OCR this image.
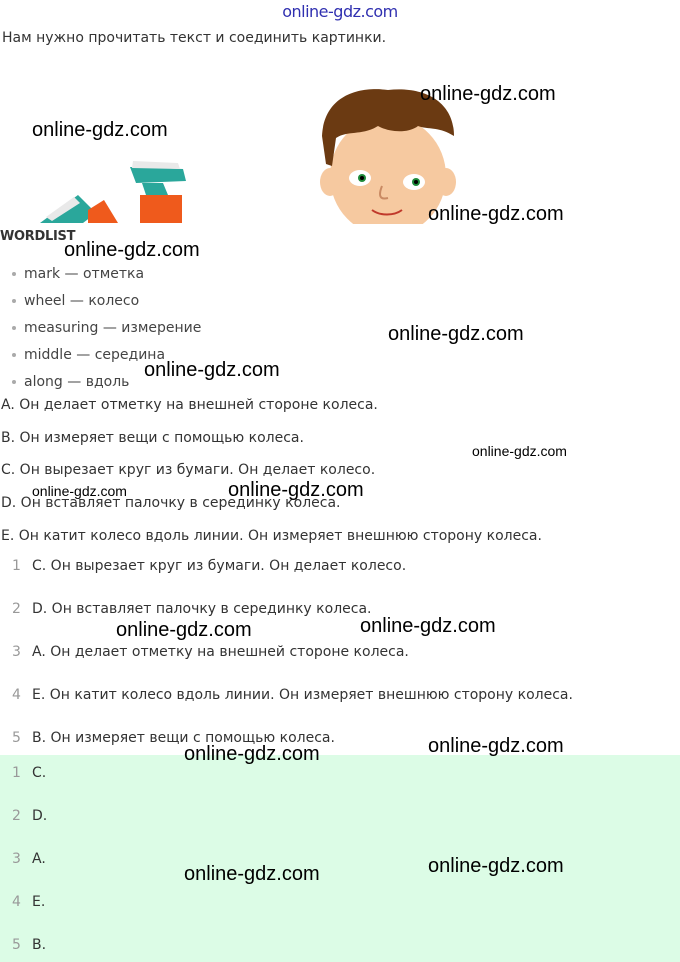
online-gdz.com
Нам нужно прочитать текст и соединить картинки.
WORDLIST
mark — отметка
wheel — колесо
measuring — измерение
middle — середина
along — вдоль
A. Он делает отметку на внешней стороне колеса.
B. Он измеряет вещи с помощью колеса.
C. Он вырезает круг из бумаги. Он делает колесо.
D. Он вставляет палочку в серединку колеса.
E. Он катит колесо вдоль линии. Он измеряет внешнюю сторону колеса.
1 C. Он вырезает круг из бумаги. Он делает колесо.
2 D. Он вставляет палочку в серединку колеса.
3 A. Он делает отметку на внешней стороне колеса.
4 E. Он катит колесо вдоль линии. Он измеряет внешнюю сторону колеса.
5 B. Он измеряет вещи с помощью колеса.
1 C.
2 D.
3 A.
4 E.
5 B.
online-gdz.com
online-gdz.com
online-gdz.com
online-gdz.com
online-gdz.com
online-gdz.com
online-gdz.com
online-gdz.com	online-gdz.com
online-gdz.com	online-gdz.com
online-gdz.com	online-gdz.com
online-gdz.com
online-gdz.com
